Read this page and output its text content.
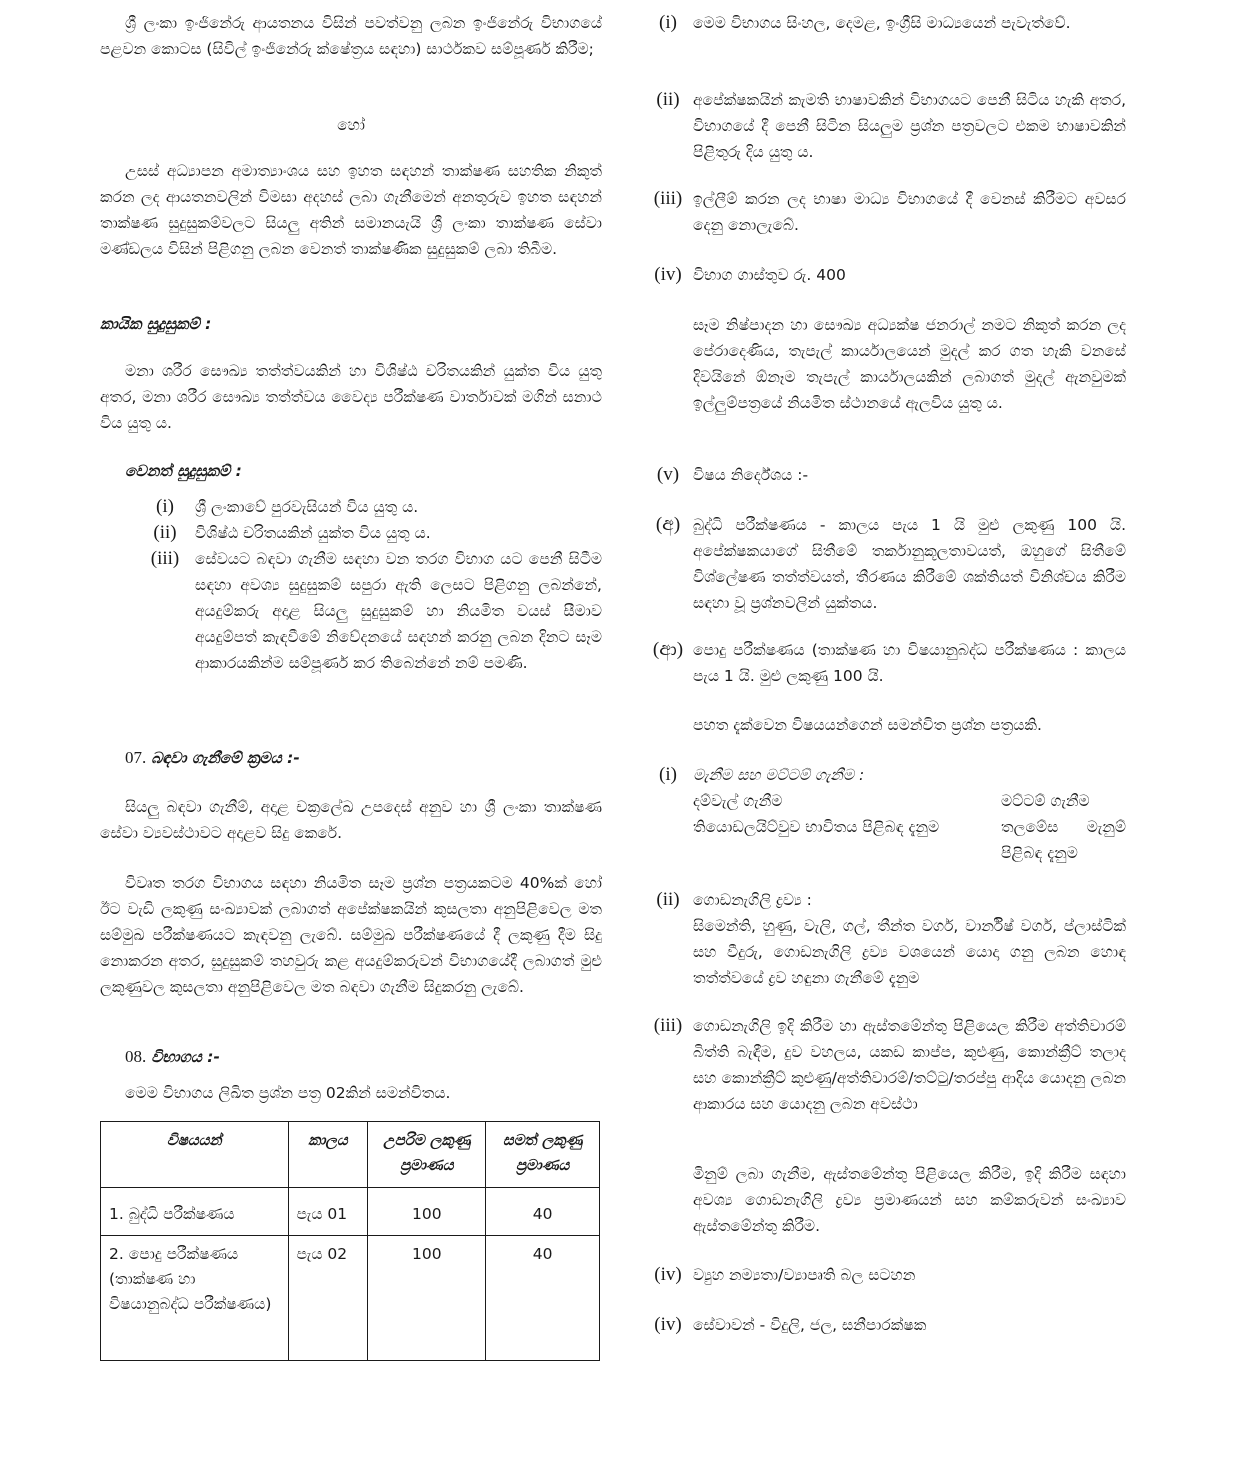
ශ්‍රී ලංකා ඉංජිනේරු ආයතනය විසින් පවත්වනු ලබන ඉංජිනේරු විභාගයේ පළවන කොටස (සිවිල් ඉංජිනේරු ක්ෂේත්‍රය සඳහා) සාර්ථකව සම්පූර්ණ කිරීම;

හෝ

උසස් අධ්‍යාපන අමාත්‍යාංශය සහ ඉහත සඳහන් තාක්ෂණ සහතික නිකුත් කරන ලද ආයතනවලින් විමසා අදහස් ලබා ගැනීමෙන් අනතුරුව ඉහත සඳහන් තාක්ෂණ සුදුසුකම්වලට සියලු අතින් සමානයැයි ශ්‍රී ලංකා තාක්ෂණ සේවා මණ්ඩලය විසින් පිළිගනු ලබන වෙනත් තාක්ෂණික සුදුසුකම් ලබා තිබීම.

කායික සුදුසුකම් :

මනා ශරීර සෞඛ්‍ය තත්ත්වයකින් හා විශිෂ්ඨ චරිතයකින් යුක්ත විය යුතු අතර, මනා ශරීර සෞඛ්‍ය තත්ත්වය වෛද්‍ය පරීක්ෂණ වාර්තාවක් මගින් සනාථ විය යුතු ය.

වෙනත් සුදුසුකම් :

(i)	ශ්‍රී ලංකාවේ පුරවැසියන් විය යුතු ය.
(ii)	විශිෂ්ඨ චරිතයකින් යුක්ත විය යුතු ය.
(iii)	සේවයට බඳවා ගැනීම සඳහා වන තරග විභාග යට පෙනී සිටීම සඳහා අවශ්‍ය සුදුසුකම් සපුරා ඇති ලෙසට පිළිගනු ලබන්නේ, අයදුම්කරු අදාළ සියලු සුදුසුකම් හා නියමිත වයස් සීමාව අයදුම්පත් කැඳවීමේ නිවේදනයේ සඳහන් කරනු ලබන දිනට සෑම ආකාරයකින්ම සම්පූර්ණ කර තිබෙන්නේ නම් පමණි.

07. බඳවා ගැනීමේ ක්‍රමය :-

සියලු බඳවා ගැනීම්, අදාළ චක්‍රලේඛ උපදෙස් අනුව හා ශ්‍රී ලංකා තාක්ෂණ සේවා ව්‍යවස්ථාවට අදාළව සිදු කෙරේ.

විවෘත තරග විභාගය සඳහා නියමිත සෑම ප්‍රශ්න පත්‍රයකටම 40%ක් හෝ ඊට වැඩි ලකුණු සංඛ්‍යාවක් ලබාගත් අපේක්ෂකයින් කුසලතා අනුපිළිවෙල මත සම්මුඛ පරීක්ෂණයට කැඳවනු ලැබේ. සම්මුඛ පරීක්ෂණයේ දී ලකුණු දීම සිදු නොකරන අතර, සුදුසුකම් තහවුරු කළ අයදුම්කරුවන් විභාගයේදී ලබාගත් මුළු ලකුණුවල කුසලතා අනුපිළිවෙල මත බඳවා ගැනීම සිදුකරනු ලැබේ.

08. විභාගය :-

මෙම විභාගය ලිඛිත ප්‍රශ්න පත්‍ර 02කින් සමන්විතය.

විෂයයන්	කාලය	උපරිම ලකුණු ප්‍රමාණය	සමත් ලකුණු ප්‍රමාණය
1. බුද්ධි පරීක්ෂණය	පැය 01	100	40
2. පොදු පරීක්ෂණය (තාක්ෂණ හා විෂයානුබද්ධ පරීක්ෂණය)	පැය 02	100	40
(i)	මෙම විභාගය සිංහල, දෙමළ, ඉංග්‍රීසි මාධ්‍යයෙන් පැවැත්වේ.
(ii) අපේක්ෂකයින් කැමති භාෂාවකින් විභාගයට පෙනී සිටිය හැකි අතර, විභාගයේ දී පෙනී සිටින සියලුම ප්‍රශ්න පත්‍රවලට එකම භාෂාවකින් පිළිතුරු දිය යුතු ය.
(iii) ඉල්ලීම් කරන ලද භාෂා මාධ්‍ය විභාගයේ දී වෙනස් කිරීමට අවසර දෙනු නොලැබේ.
(iv) විභාග ගාස්තුව රු. 400
සෑම නිෂ්පාදන හා සෞඛ්‍ය අධ්‍යක්ෂ ජනරාල් නමට නිකුත් කරන ලද පේරාදෙණිය, තැපැල් කාර්යාලයෙන් මුදල් කර ගත හැකි වනසේ දිවයිනේ ඕනෑම තැපැල් කාර්යාලයකින් ලබාගත් මුදල් ඇනවුමක් ඉල්ලුම්පත්‍රයේ නියමිත ස්ථානයේ ඇලවිය යුතු ය.
(v) විෂය නිර්දේශය :-
(අ) බුද්ධි පරීක්ෂණය - කාලය පැය 1 යි මුළු ලකුණු 100 යි. අපේක්ෂකයාගේ සිතීමේ තර්කානුකූලතාවයත්, ඔහුගේ සිතීමේ විශ්ලේෂණ තත්ත්වයත්, තීරණය කිරීමේ ශක්තියත් විනිශ්චය කිරීම සඳහා වූ ප්‍රශ්නවලින් යුක්තය.
(ආ) පොදු පරීක්ෂණය (තාක්ෂණ හා විෂයානුබද්ධ පරීක්ෂණය : කාලය පැය 1 යි. මුළු ලකුණු 100 යි.
පහත දැක්වෙන විෂයයන්ගෙන් සමන්විත ප්‍රශ්න පත්‍රයකි.
(i)	මැනීම සහ මට්ටම් ගැනීම :
දම්වැල් ගැනීම	මට්ටම් ගැනීම
තියොඩලයිට්වුව භාවිතය පිළිබඳ දැනුම	තලමේස මැනුම් පිළිබඳ දැනුම
(ii) ගොඩනැගිලි ද්‍රව්‍ය :
සිමෙන්ති, හුණු, වැලි, ගල්, තීන්ත වර්ග, වාර්නිෂ් වර්ග, ප්ලාස්ටික් සහ වීදුරු, ගොඩනැගිලි ද්‍රව්‍ය වශයෙන් යොදා ගනු ලබන හොඳ තත්ත්වයේ ද්‍රව හඳුනා ගැනීමේ දැනුම
(iii) ගොඩනැගිලි ඉදි කිරීම හා ඇස්තමේන්තු පිළියෙල කිරීම අත්තිවාරම් බිත්ති බැඳීම, දුව වහලය, යකඩ කාප්ප, කුළුණු, කොන්ක්‍රීට් තලාද සහ කොන්ක්‍රීට් කුළුණු/අත්තිවාරම්/තට්ටු/තරප්පු ආදිය යොදනු ලබන ආකාරය සහ යොදනු ලබන අවස්ථා
මිනුම් ලබා ගැනීම, ඇස්තමේන්තු පිළියෙල කිරීම, ඉදි කිරීම සඳහා අවශ්‍ය ගොඩනැගිලි ද්‍රව්‍ය ප්‍රමාණයන් සහ කම්කරුවන් සංඛ්‍යාව ඇස්තමේන්තු කිරීම.
(iv) ව්‍යුහ නම්‍යතා/ව්‍යාපෘති බල සටහන
(iv) සේවාවන් - විදුලි, ජල, සනීපාරක්ෂක
